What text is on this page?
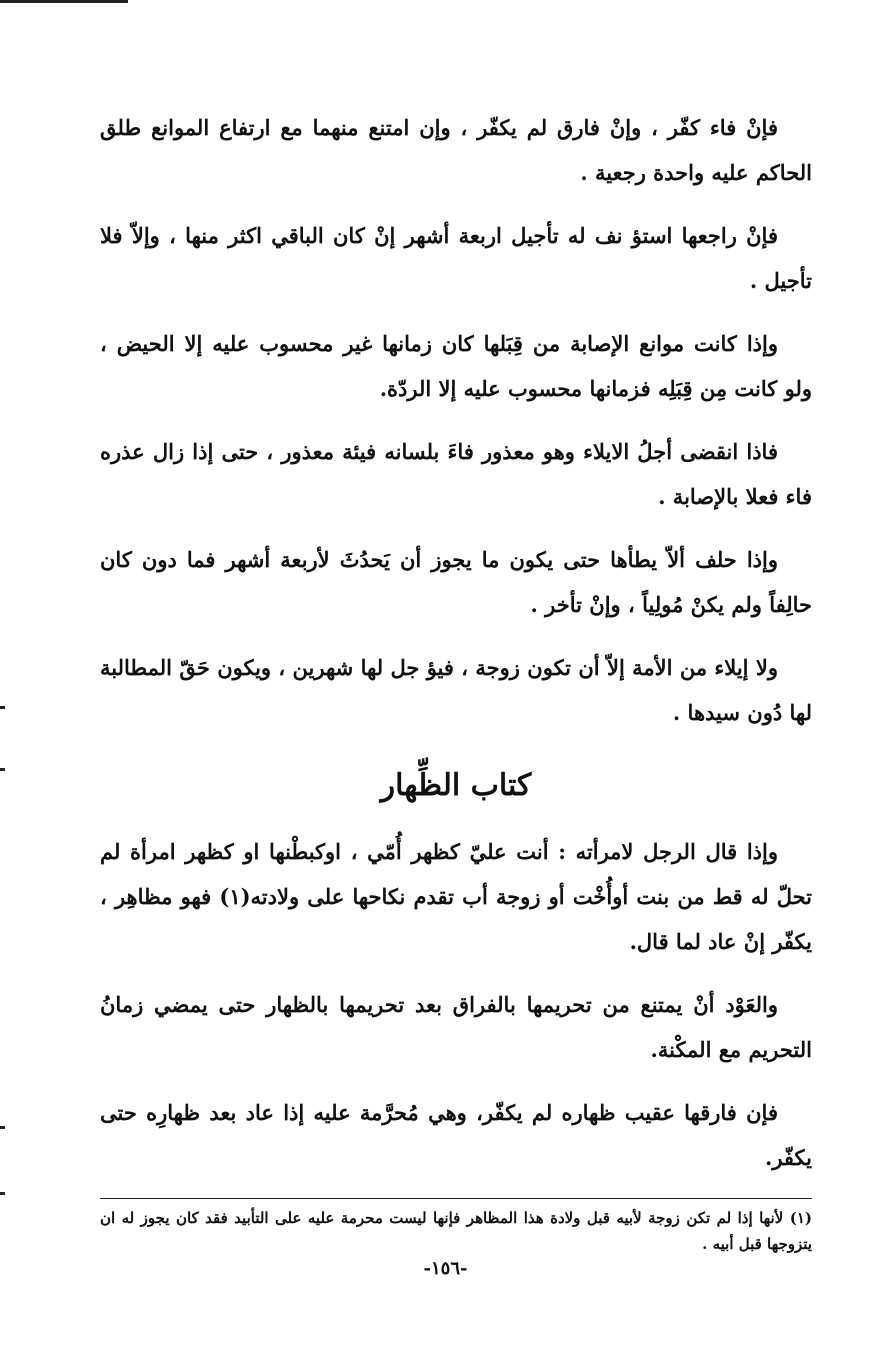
فإنْ فاء كفّر ، وإنْ فارق لم يكفّر ، وإن امتنع منهما مع ارتفاع الموانع طلق الحاكم عليه واحدة رجعية .

فإنْ راجعها استؤ نف له تأجيل اربعة أشهر إنْ كان الباقي اكثر منها ، وإلاّ فلا تأجيل .

وإذا كانت موانع الإصابة من قِبَلها كان زمانها غير محسوب عليه إلا الحيض ، ولو كانت مِن قِبَلِه فزمانها محسوب عليه إلا الردّة.

فاذا انقضى أجلُ الايلاء وهو معذور فاءَ بلسانه فيئة معذور ، حتى إذا زال عذره فاء فعلا بالإصابة .

وإذا حلف ألاّ يطأها حتى يكون ما يجوز أن يَحدُثَ لأربعة أشهر فما دون كان حالِفاً ولم يكنْ مُولِياً ، وإنْ تأخر .

ولا إيلاء من الأمة إلاّ أن تكون زوجة ، فيؤ جل لها شهرين ، ويكون حَقّ المطالبة لها دُون سيدها .

كتاب الظِّهار

وإذا قال الرجل لامرأته : أنت عليّ كظهر أُمّي ، اوكبطْنها او كظهر امرأة لم تحلّ له قط من بنت أوأُخْت أو زوجة أب تقدم نكاحها على ولادته(١) فهو مظاهِر ، يكفّر إنْ عاد لما قال.

والعَوْد أنْ يمتنع من تحريمها بالفراق بعد تحريمها بالظهار حتى يمضي زمانُ التحريم مع المكْنة.

فإن فارقها عقيب ظهاره لم يكفّر، وهي مُحرَّمة عليه إذا عاد بعد ظهارِه حتى يكفّر.

(١) لأنها إذا لم تكن زوجة لأبيه قبل ولادة هذا المظاهر فإنها ليست محرمة عليه على التأبيد فقد كان يجوز له ان يتزوجها قبل أبيه .

-١٥٦-
